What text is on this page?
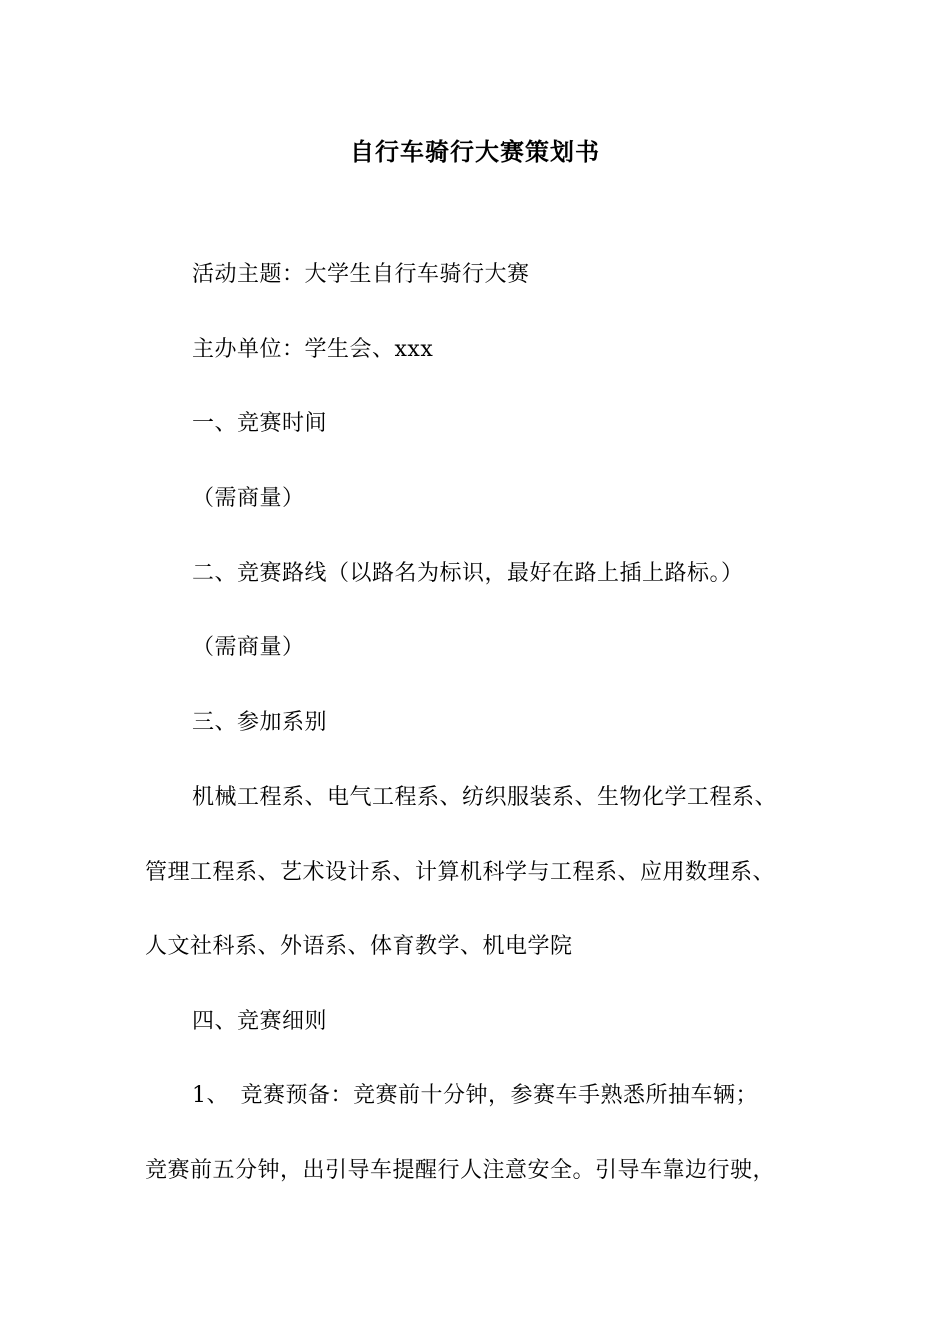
自行车骑行大赛策划书
活动主题：大学生自行车骑行大赛
主办单位：学生会、xxx
一、竞赛时间
（需商量）
二、竞赛路线（以路名为标识，最好在路上插上路标。）
（需商量）
三、参加系别
机械工程系、电气工程系、纺织服装系、生物化学工程系、
管理工程系、艺术设计系、计算机科学与工程系、应用数理系、
人文社科系、外语系、体育教学、机电学院
四、竞赛细则
1、　竞赛预备：竞赛前十分钟，参赛车手熟悉所抽车辆；
竞赛前五分钟，出引导车提醒行人注意安全。引导车靠边行驶，
